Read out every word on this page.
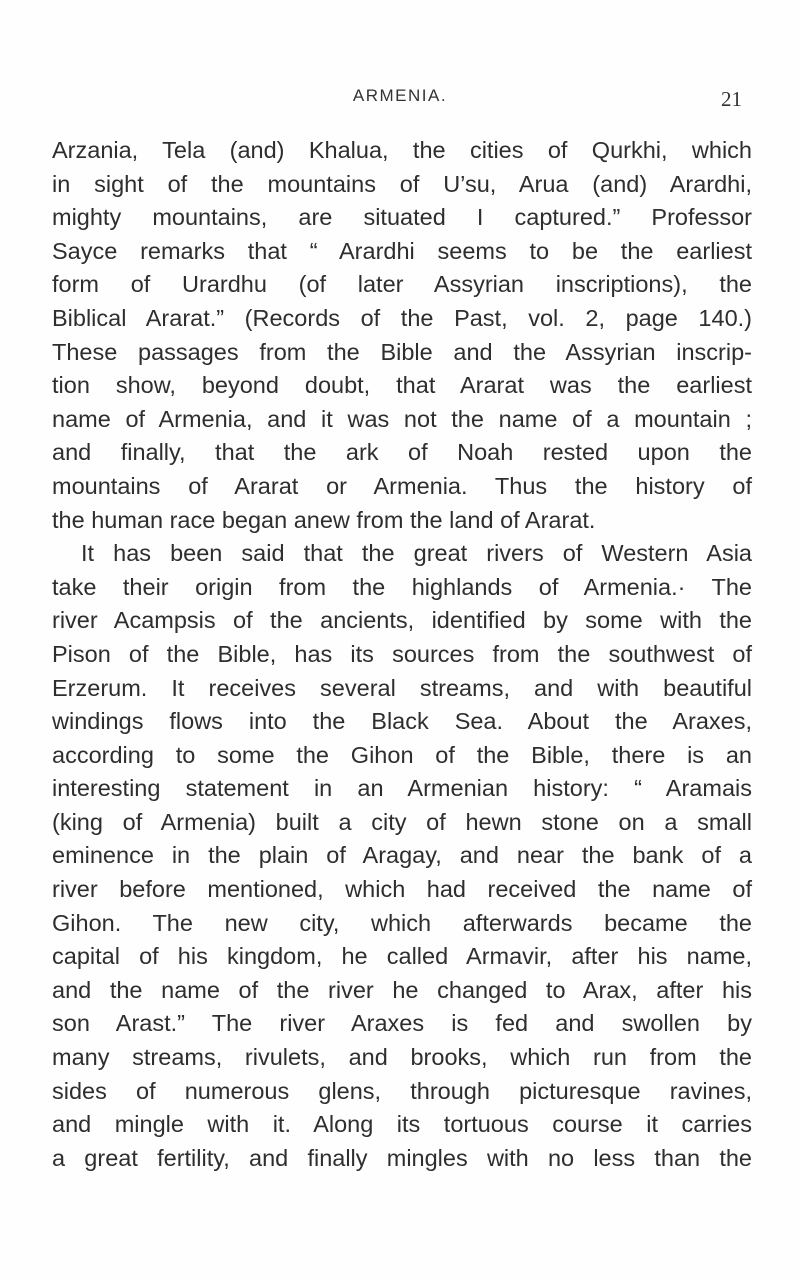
ARMENIA.	21
Arzania, Tela (and) Khalua, the cities of Qurkhi, which
in sight of the mountains of U’su, Arua (and) Arardhi,
mighty mountains, are situated I captured.” Professor
Sayce remarks that “ Arardhi seems to be the earliest
form of Urardhu (of later Assyrian inscriptions), the
Biblical Ararat.” (Records of the Past, vol. 2, page 140.)
These passages from the Bible and the Assyrian inscrip-
tion show, beyond doubt, that Ararat was the earliest
name of Armenia, and it was not the name of a mountain ;
and finally, that the ark of Noah rested upon the
mountains of Ararat or Armenia. Thus the history of
the human race began anew from the land of Ararat.
It has been said that the great rivers of Western Asia
take their origin from the highlands of Armenia.· The
river Acampsis of the ancients, identified by some with the
Pison of the Bible, has its sources from the southwest of
Erzerum. It receives several streams, and with beautiful
windings flows into the Black Sea. About the Araxes,
according to some the Gihon of the Bible, there is an
interesting statement in an Armenian history: “ Aramais
(king of Armenia) built a city of hewn stone on a small
eminence in the plain of Aragay, and near the bank of a
river before mentioned, which had received the name of
Gihon. The new city, which afterwards became the
capital of his kingdom, he called Armavir, after his name,
and the name of the river he changed to Arax, after his
son Arast.” The river Araxes is fed and swollen by
many streams, rivulets, and brooks, which run from the
sides of numerous glens, through picturesque ravines,
and mingle with it. Along its tortuous course it carries
a great fertility, and finally mingles with no less than the
